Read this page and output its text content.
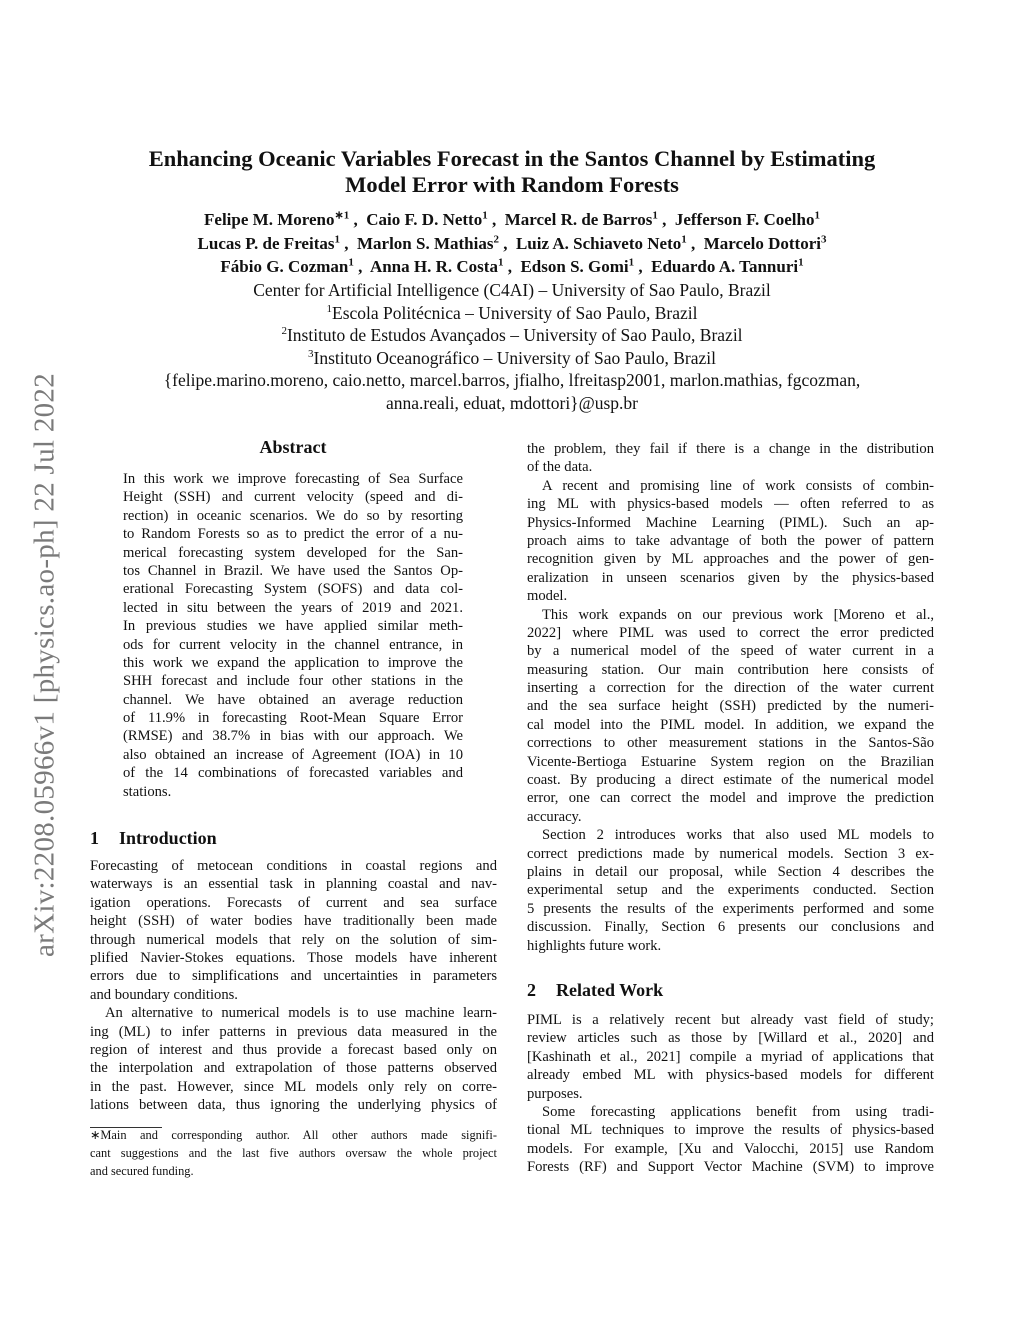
arXiv:2208.05966v1 [physics.ao-ph] 22 Jul 2022
Enhancing Oceanic Variables Forecast in the Santos Channel by Estimating
Model Error with Random Forests
Felipe M. Moreno$^{∗1}$ ,  Caio F. D. Netto$^1$ ,  Marcel R. de Barros$^1$ ,  Jefferson F. Coelho$^1$
Lucas P. de Freitas$^1$ ,  Marlon S. Mathias$^2$ ,  Luiz A. Schiaveto Neto$^1$ ,  Marcelo Dottori$^3$
Fábio G. Cozman$^1$ ,  Anna H. R. Costa$^1$ ,  Edson S. Gomi$^1$ ,  Eduardo A. Tannuri$^1$
Center for Artificial Intelligence (C4AI) – University of Sao Paulo, Brazil
$^1$Escola Politécnica – University of Sao Paulo, Brazil
$^2$Instituto de Estudos Avançados – University of Sao Paulo, Brazil
$^3$Instituto Oceanográfico – University of Sao Paulo, Brazil
{felipe.marino.moreno, caio.netto, marcel.barros, jfialho, lfreitasp2001, marlon.mathias, fgcozman,
anna.reali, eduat, mdottori}@usp.br
Abstract
In this work we improve forecasting of Sea Surface
Height (SSH) and current velocity (speed and di-
rection) in oceanic scenarios. We do so by resorting
to Random Forests so as to predict the error of a nu-
merical forecasting system developed for the San-
tos Channel in Brazil. We have used the Santos Op-
erational Forecasting System (SOFS) and data col-
lected in situ between the years of 2019 and 2021.
In previous studies we have applied similar meth-
ods for current velocity in the channel entrance, in
this work we expand the application to improve the
SHH forecast and include four other stations in the
channel. We have obtained an average reduction
of 11.9% in forecasting Root-Mean Square Error
(RMSE) and 38.7% in bias with our approach. We
also obtained an increase of Agreement (IOA) in 10
of the 14 combinations of forecasted variables and
stations.
1 Introduction
Forecasting of metocean conditions in coastal regions and
waterways is an essential task in planning coastal and nav-
igation operations. Forecasts of current and sea surface
height (SSH) of water bodies have traditionally been made
through numerical models that rely on the solution of sim-
plified Navier-Stokes equations. Those models have inherent
errors due to simplifications and uncertainties in parameters
and boundary conditions.
An alternative to numerical models is to use machine learn-
ing (ML) to infer patterns in previous data measured in the
region of interest and thus provide a forecast based only on
the interpolation and extrapolation of those patterns observed
in the past. However, since ML models only rely on corre-
lations between data, thus ignoring the underlying physics of
∗Main and corresponding author. All other authors made signifi-
cant suggestions and the last five authors oversaw the whole project
and secured funding.
the problem, they fail if there is a change in the distribution
of the data.
A recent and promising line of work consists of combin-
ing ML with physics-based models — often referred to as
Physics-Informed Machine Learning (PIML). Such an ap-
proach aims to take advantage of both the power of pattern
recognition given by ML approaches and the power of gen-
eralization in unseen scenarios given by the physics-based
model.
This work expands on our previous work [Moreno et al.,
2022] where PIML was used to correct the error predicted
by a numerical model of the speed of water current in a
measuring station. Our main contribution here consists of
inserting a correction for the direction of the water current
and the sea surface height (SSH) predicted by the numeri-
cal model into the PIML model. In addition, we expand the
corrections to other measurement stations in the Santos-São
Vicente-Bertioga Estuarine System region on the Brazilian
coast. By producing a direct estimate of the numerical model
error, one can correct the model and improve the prediction
accuracy.
Section 2 introduces works that also used ML models to
correct predictions made by numerical models. Section 3 ex-
plains in detail our proposal, while Section 4 describes the
experimental setup and the experiments conducted. Section
5 presents the results of the experiments performed and some
discussion. Finally, Section 6 presents our conclusions and
highlights future work.
2 Related Work
PIML is a relatively recent but already vast field of study;
review articles such as those by [Willard et al., 2020] and
[Kashinath et al., 2021] compile a myriad of applications that
already embed ML with physics-based models for different
purposes.
Some forecasting applications benefit from using tradi-
tional ML techniques to improve the results of physics-based
models. For example, [Xu and Valocchi, 2015] use Random
Forests (RF) and Support Vector Machine (SVM) to improve
